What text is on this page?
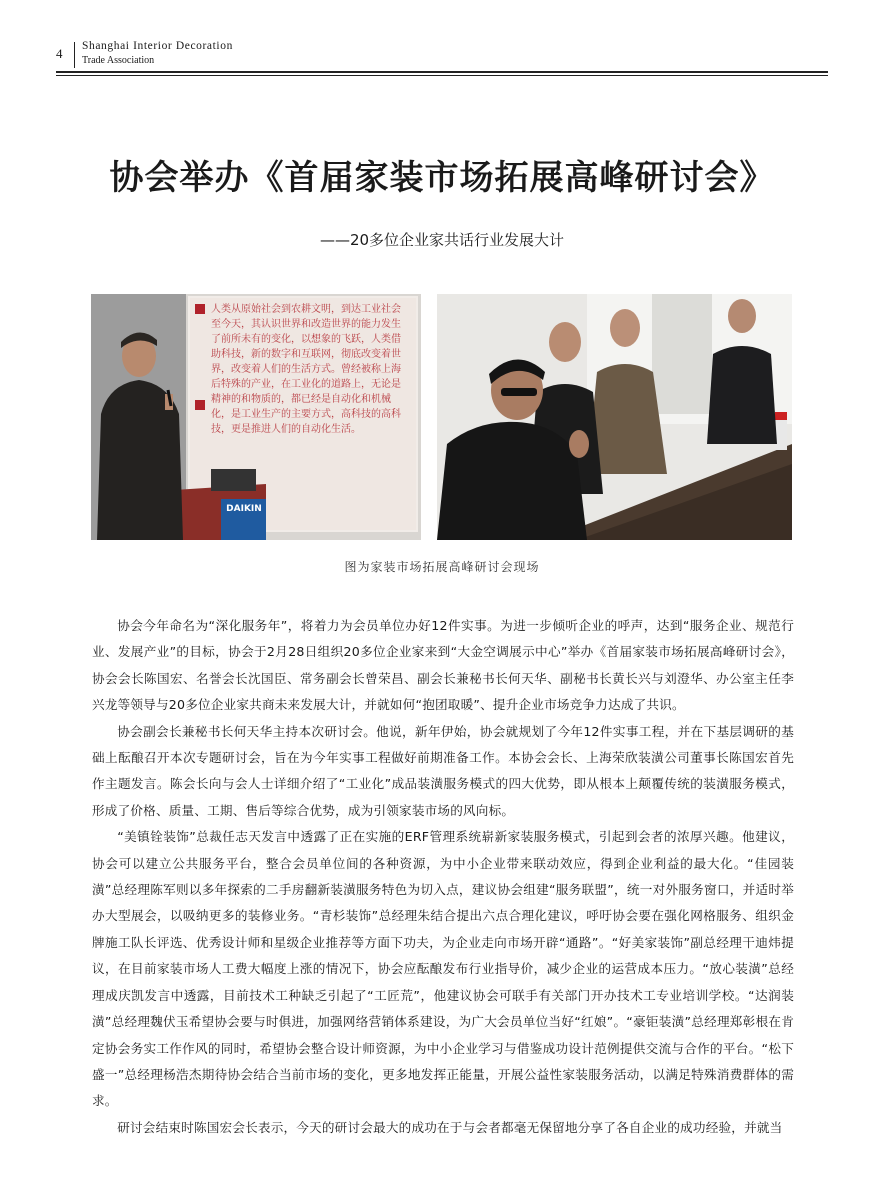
4 Shanghai Interior Decoration
Trade Association
协会举办《首届家装市场拓展高峰研讨会》
——20多位企业家共话行业发展大计
人类从原始社会到农耕文明，到达工业社会至今天，其认识世界和改造世界的能力发生了前所未有的变化，以想象的飞跃，人类借助科技，新的数字和互联网，彻底改变着世界，改变着人们的生活方式。曾经被称上海后特殊的产业，在工业化的道路上，无论是精神的和物质的，都已经是自动化和机械化，是工业生产的主要方式，高科技的高科技，更是推进人们的自动化生活。
DAIKIN
图为家装市场拓展高峰研讨会现场

协会今年命名为“深化服务年”，将着力为会员单位办好12件实事。为进一步倾听企业的呼声，达到“服务企业、规范行业、发展产业”的目标，协会于2月28日组织20多位企业家来到“大金空调展示中心”举办《首届家装市场拓展高峰研讨会》，协会会长陈国宏、名誉会长沈国臣、常务副会长曾荣昌、副会长兼秘书长何天华、副秘书长黄长兴与刘澄华、办公室主任李兴龙等领导与20多位企业家共商未来发展大计，并就如何“抱团取暖”、提升企业市场竞争力达成了共识。

协会副会长兼秘书长何天华主持本次研讨会。他说，新年伊始，协会就规划了今年12件实事工程，并在下基层调研的基础上酝酿召开本次专题研讨会，旨在为今年实事工程做好前期准备工作。本协会会长、上海荣欣装潢公司董事长陈国宏首先作主题发言。陈会长向与会人士详细介绍了“工业化”成品装潢服务模式的四大优势，即从根本上颠覆传统的装潢服务模式，形成了价格、质量、工期、售后等综合优势，成为引领家装市场的风向标。

“美镇铨装饰”总裁任志天发言中透露了正在实施的ERF管理系统崭新家装服务模式，引起到会者的浓厚兴趣。他建议，协会可以建立公共服务平台，整合会员单位间的各种资源，为中小企业带来联动效应，得到企业利益的最大化。“佳园装潢”总经理陈军则以多年探索的二手房翻新装潢服务特色为切入点，建议协会组建“服务联盟”，统一对外服务窗口，并适时举办大型展会，以吸纳更多的装修业务。“青杉装饰”总经理朱结合提出六点合理化建议，呼吁协会要在强化网格服务、组织金牌施工队长评选、优秀设计师和星级企业推荐等方面下功夫，为企业走向市场开辟“通路”。“好美家装饰”副总经理干迪炜提议，在目前家装市场人工费大幅度上涨的情况下，协会应酝酿发布行业指导价，减少企业的运营成本压力。“放心装潢”总经理成庆凯发言中透露，目前技术工种缺乏引起了“工匠荒”，他建议协会可联手有关部门开办技术工专业培训学校。“达润装潢”总经理魏伏玉希望协会要与时俱进，加强网络营销体系建设，为广大会员单位当好“红娘”。“豪钜装潢”总经理郑彰根在肯定协会务实工作作风的同时，希望协会整合设计师资源，为中小企业学习与借鉴成功设计范例提供交流与合作的平台。“松下盛一”总经理杨浩杰期待协会结合当前市场的变化，更多地发挥正能量，开展公益性家装服务活动，以满足特殊消费群体的需求。

研讨会结束时陈国宏会长表示，今天的研讨会最大的成功在于与会者都毫无保留地分享了各自企业的成功经验，并就当
